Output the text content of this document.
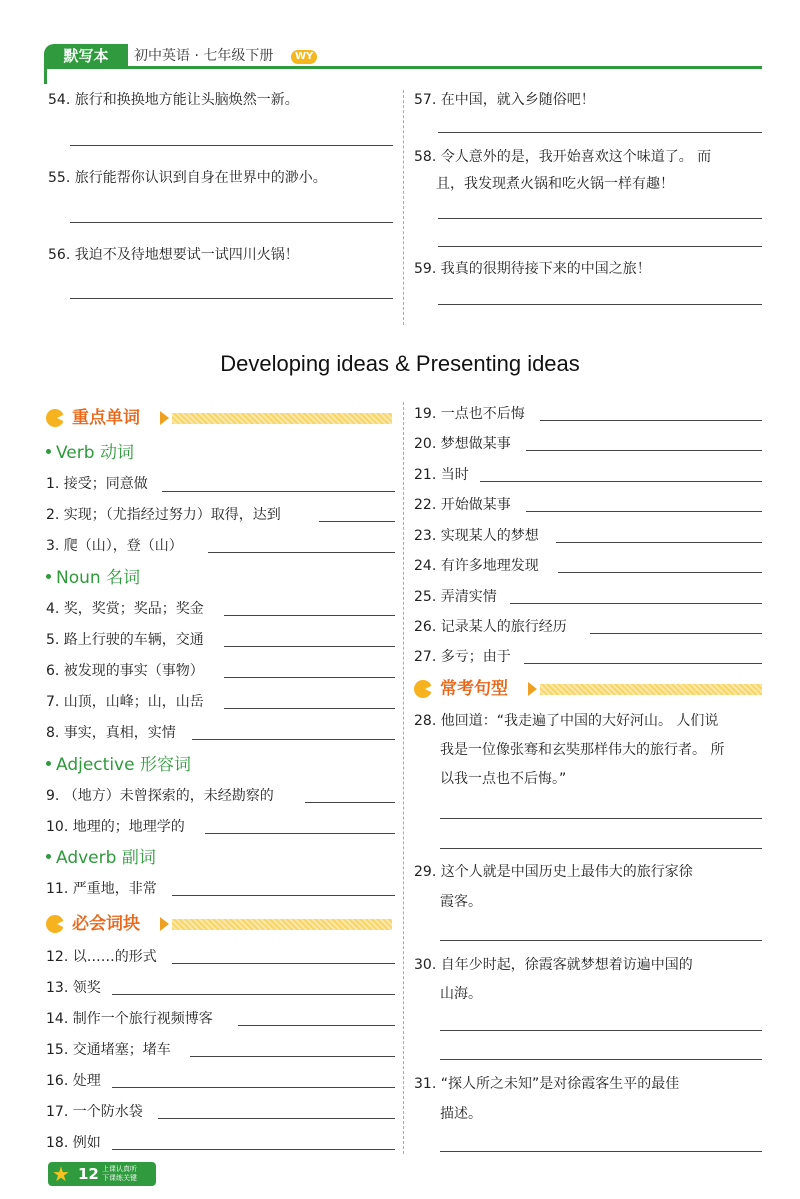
默写本	初中英语 · 七年级下册	WY
54. 旅行和换换地方能让头脑焕然一新。
55. 旅行能帮你认识到自身在世界中的渺小。
56. 我迫不及待地想要试一试四川火锅！
57. 在中国，就入乡随俗吧！
58. 令人意外的是，我开始喜欢这个味道了。 而
且，我发现煮火锅和吃火锅一样有趣！
59. 我真的很期待接下来的中国之旅！
Developing ideas & Presenting ideas
重点单词
Verb 动词
1. 接受；同意做
2. 实现；（尤指经过努力）取得，达到
3. 爬（山），登（山）
Noun 名词
4. 奖，奖赏；奖品；奖金
5. 路上行驶的车辆，交通
6. 被发现的事实（事物）
7. 山顶，山峰；山，山岳
8. 事实，真相，实情
Adjective 形容词
9. （地方）未曾探索的，未经勘察的
10. 地理的；地理学的
Adverb 副词
11. 严重地，非常
必会词块
12. 以……的形式
13. 领奖
14. 制作一个旅行视频博客
15. 交通堵塞；堵车
16. 处理
17. 一个防水袋
18. 例如
19. 一点也不后悔
20. 梦想做某事
21. 当时
22. 开始做某事
23. 实现某人的梦想
24. 有许多地理发现
25. 弄清实情
26. 记录某人的旅行经历
27. 多亏；由于
常考句型
28. 他回道：“我走遍了中国的大好河山。 人们说
我是一位像张骞和玄奘那样伟大的旅行者。 所
以我一点也不后悔。”
29. 这个人就是中国历史上最伟大的旅行家徐
霞客。
30. 自年少时起，徐霞客就梦想着访遍中国的
山海。
31. “探人所之未知”是对徐霞客生平的最佳
描述。
★ 12 上课认真听
下课练关键
